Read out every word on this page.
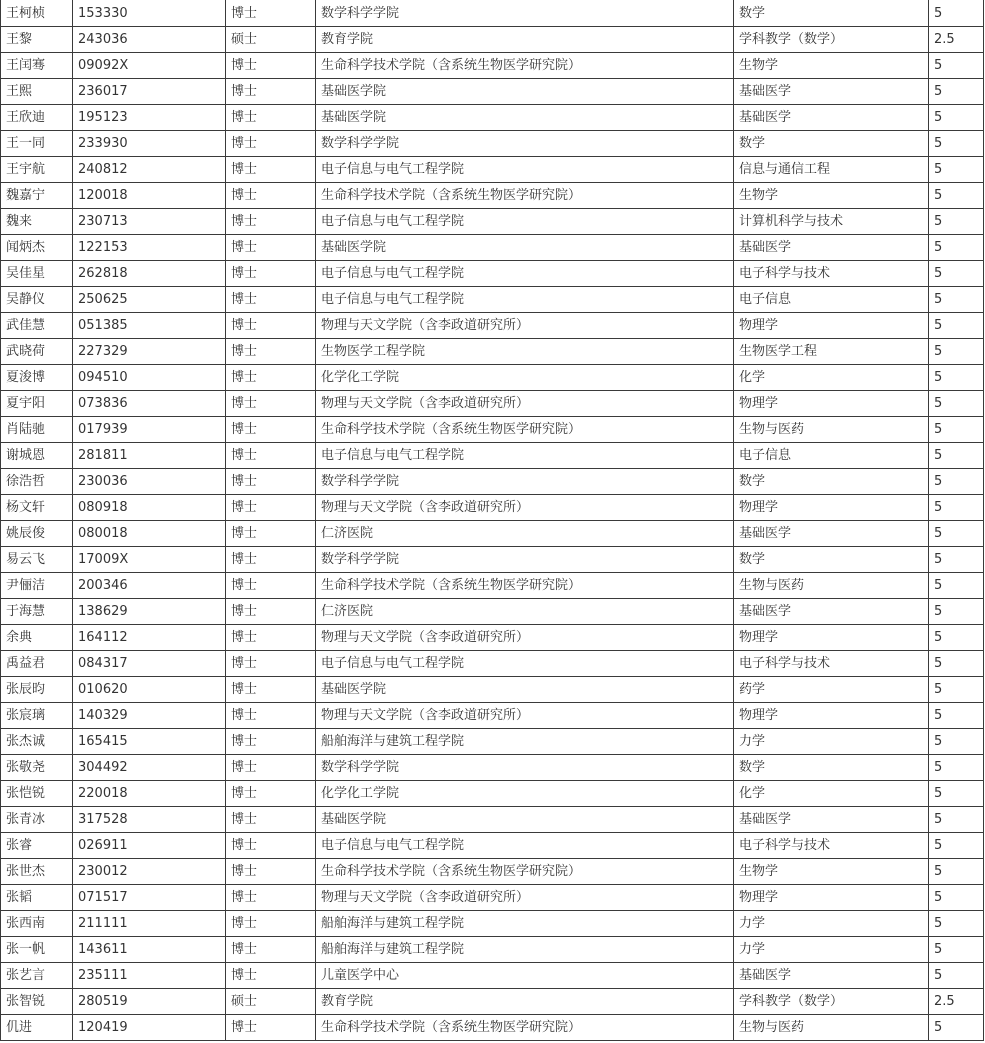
王柯桢	153330	博士	数学科学学院	数学	5
王黎	243036	硕士	教育学院	学科教学（数学）	2.5
王闰骞	09092X	博士	生命科学技术学院（含系统生物医学研究院）	生物学	5
王熙	236017	博士	基础医学院	基础医学	5
王欣迪	195123	博士	基础医学院	基础医学	5
王一同	233930	博士	数学科学学院	数学	5
王宇航	240812	博士	电子信息与电气工程学院	信息与通信工程	5
魏嘉宁	120018	博士	生命科学技术学院（含系统生物医学研究院）	生物学	5
魏来	230713	博士	电子信息与电气工程学院	计算机科学与技术	5
闻炳杰	122153	博士	基础医学院	基础医学	5
吴佳星	262818	博士	电子信息与电气工程学院	电子科学与技术	5
吴静仪	250625	博士	电子信息与电气工程学院	电子信息	5
武佳慧	051385	博士	物理与天文学院（含李政道研究所）	物理学	5
武晓荷	227329	博士	生物医学工程学院	生物医学工程	5
夏浚博	094510	博士	化学化工学院	化学	5
夏宇阳	073836	博士	物理与天文学院（含李政道研究所）	物理学	5
肖陆驰	017939	博士	生命科学技术学院（含系统生物医学研究院）	生物与医药	5
谢城恩	281811	博士	电子信息与电气工程学院	电子信息	5
徐浩哲	230036	博士	数学科学学院	数学	5
杨文轩	080918	博士	物理与天文学院（含李政道研究所）	物理学	5
姚辰俊	080018	博士	仁济医院	基础医学	5
易云飞	17009X	博士	数学科学学院	数学	5
尹俪洁	200346	博士	生命科学技术学院（含系统生物医学研究院）	生物与医药	5
于海慧	138629	博士	仁济医院	基础医学	5
余典	164112	博士	物理与天文学院（含李政道研究所）	物理学	5
禹益君	084317	博士	电子信息与电气工程学院	电子科学与技术	5
张辰昀	010620	博士	基础医学院	药学	5
张宸璃	140329	博士	物理与天文学院（含李政道研究所）	物理学	5
张杰诚	165415	博士	船舶海洋与建筑工程学院	力学	5
张敬尧	304492	博士	数学科学学院	数学	5
张恺锐	220018	博士	化学化工学院	化学	5
张青冰	317528	博士	基础医学院	基础医学	5
张睿	026911	博士	电子信息与电气工程学院	电子科学与技术	5
张世杰	230012	博士	生命科学技术学院（含系统生物医学研究院）	生物学	5
张韬	071517	博士	物理与天文学院（含李政道研究所）	物理学	5
张西南	211111	博士	船舶海洋与建筑工程学院	力学	5
张一帆	143611	博士	船舶海洋与建筑工程学院	力学	5
张艺言	235111	博士	儿童医学中心	基础医学	5
张智锐	280519	硕士	教育学院	学科教学（数学）	2.5
仉进	120419	博士	生命科学技术学院（含系统生物医学研究院）	生物与医药	5
